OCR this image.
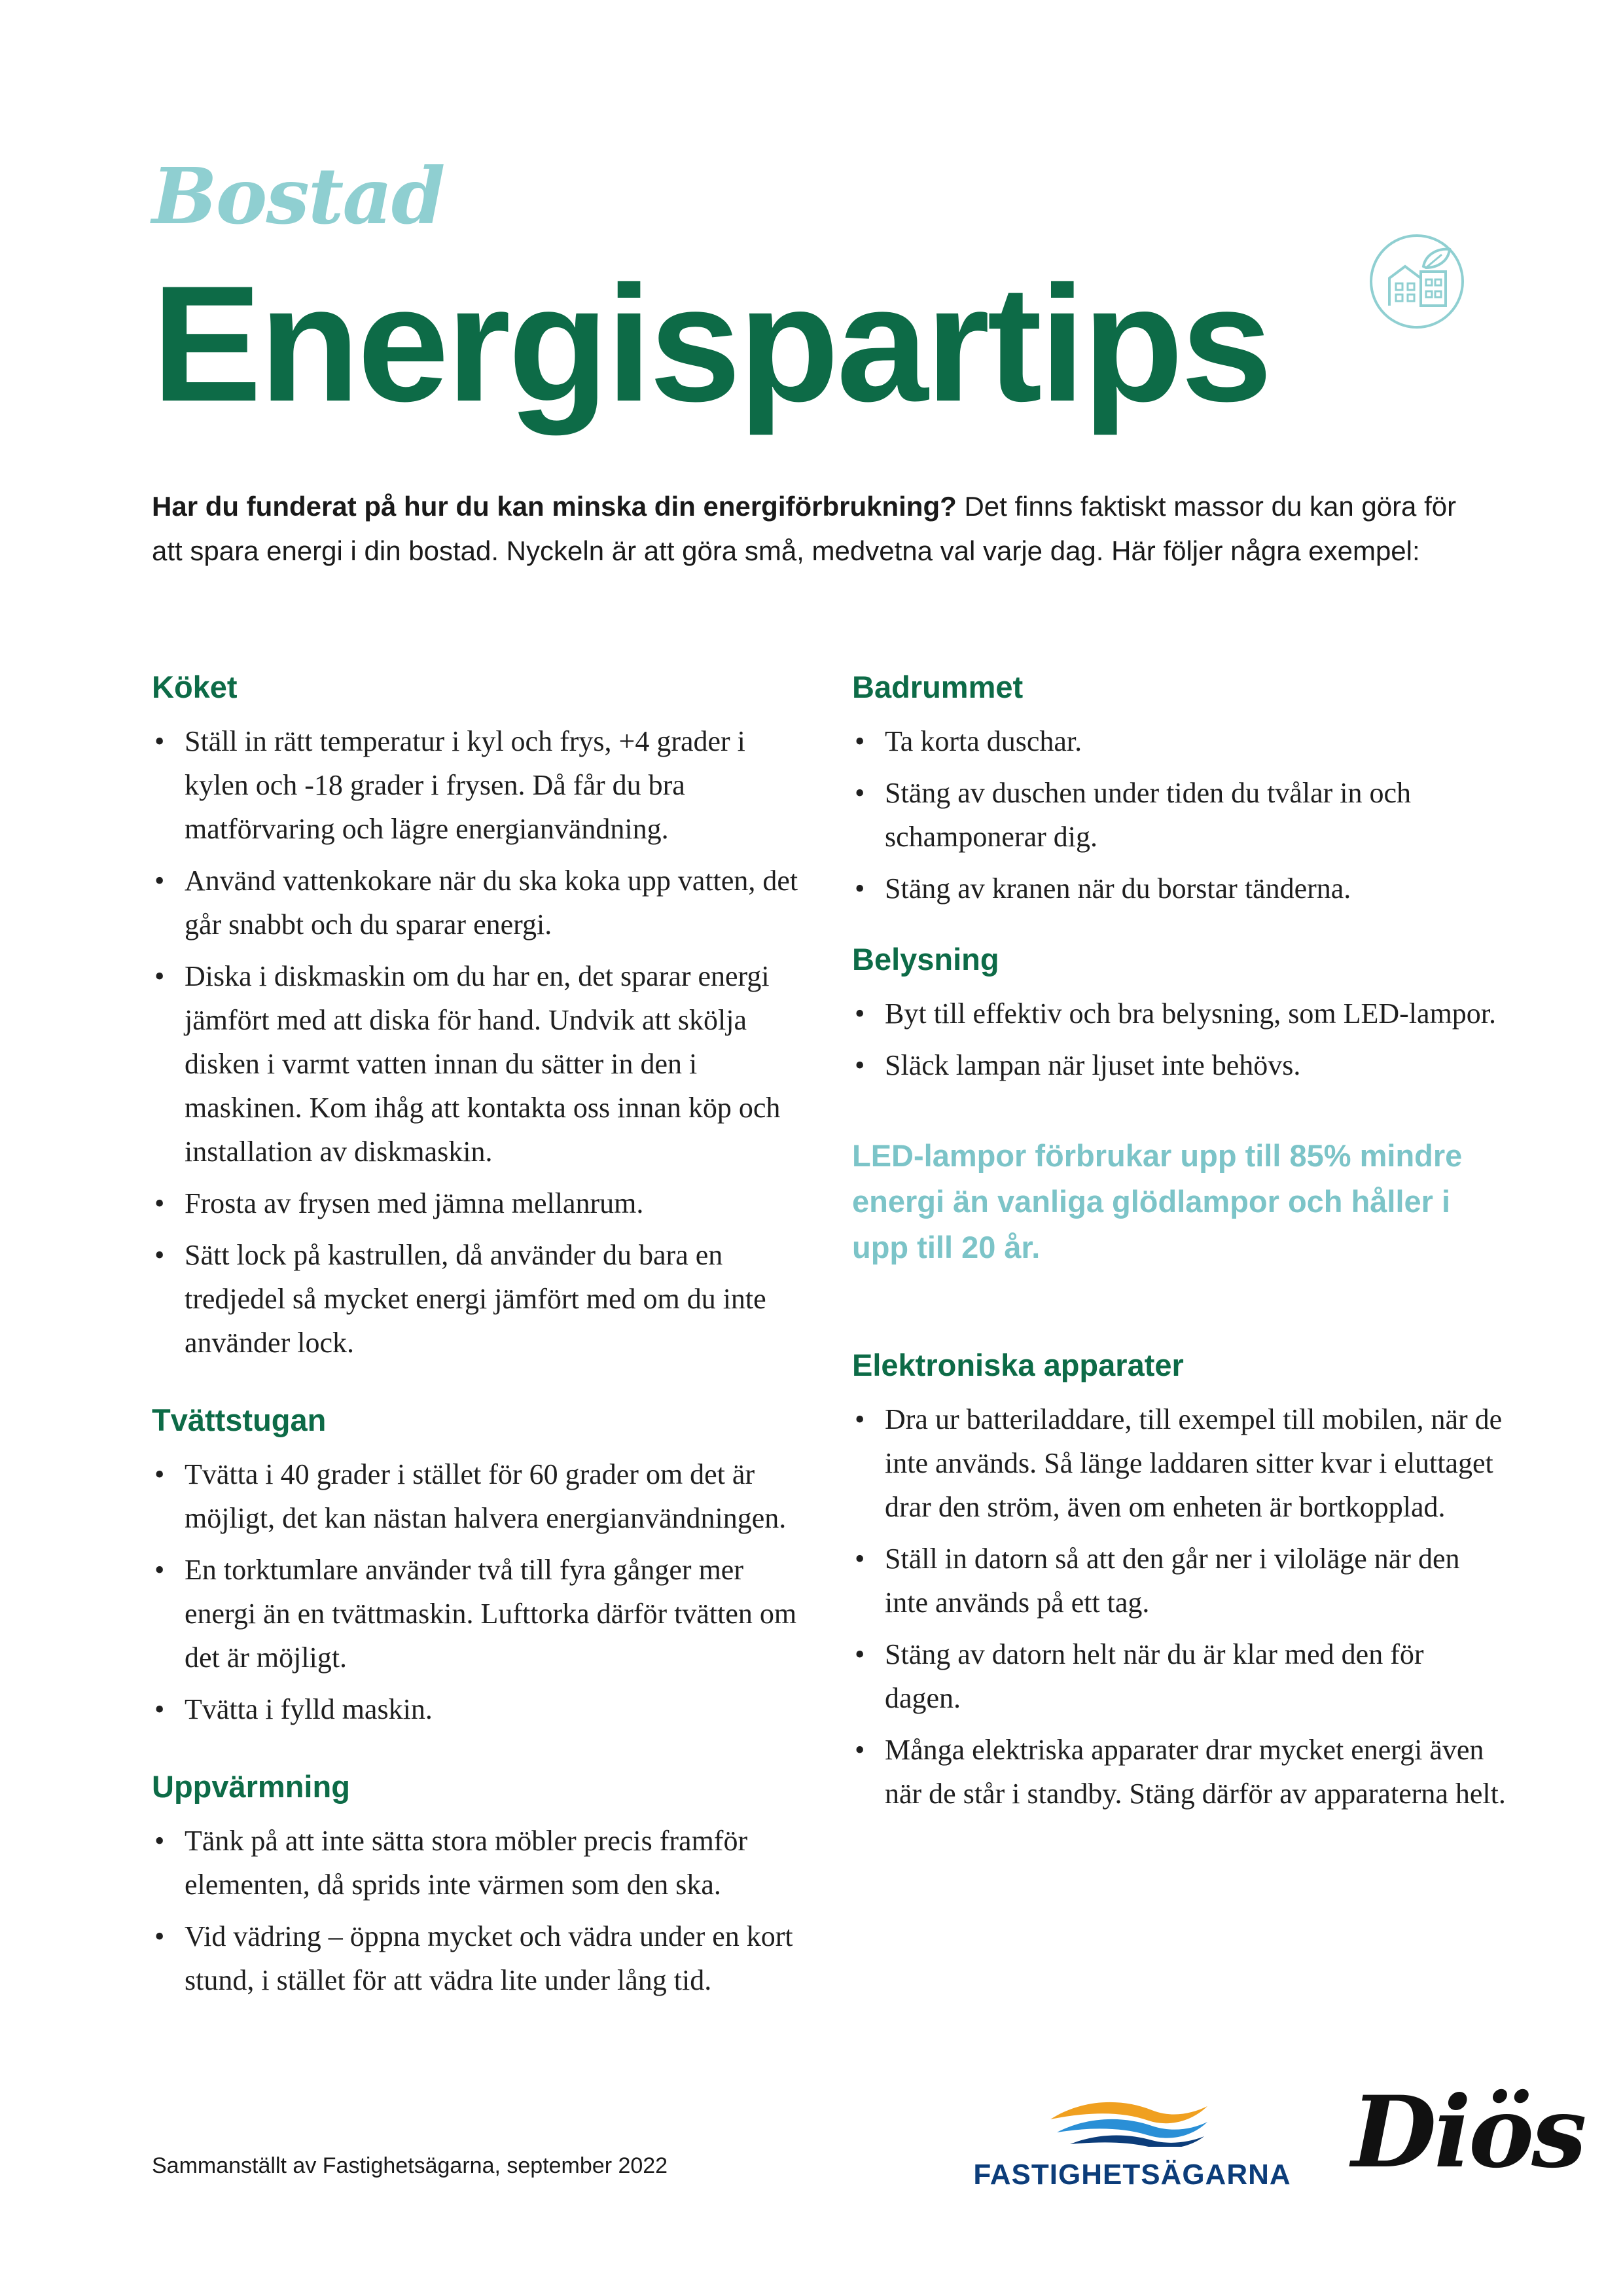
Bostad
Energispartips

Har du funderat på hur du kan minska din energiförbrukning? Det finns faktiskt massor du kan göra för att spara energi i din bostad. Nyckeln är att göra små, medvetna val varje dag. Här följer några exempel:

Köket
• Ställ in rätt temperatur i kyl och frys, +4 grader i kylen och -18 grader i frysen. Då får du bra matförvaring och lägre energianvändning.
• Använd vattenkokare när du ska koka upp vatten, det går snabbt och du sparar energi.
• Diska i diskmaskin om du har en, det sparar energi jämfört med att diska för hand. Undvik att skölja disken i varmt vatten innan du sätter in den i maskinen. Kom ihåg att kontakta oss innan köp och installation av diskmaskin.
• Frosta av frysen med jämna mellanrum.
• Sätt lock på kastrullen, då använder du bara en tredjedel så mycket energi jämfört med om du inte använder lock.
Tvättstugan
• Tvätta i 40 grader i stället för 60 grader om det är möjligt, det kan nästan halvera energianvändningen.
• En torktumlare använder två till fyra gånger mer energi än en tvättmaskin. Lufttorka därför tvätten om det är möjligt.
• Tvätta i fylld maskin.
Uppvärmning
• Tänk på att inte sätta stora möbler precis framför elementen, då sprids inte värmen som den ska.
• Vid vädring – öppna mycket och vädra under en kort stund, i stället för att vädra lite under lång tid.
Badrummet
• Ta korta duschar.
• Stäng av duschen under tiden du tvålar in och schamponerar dig.
• Stäng av kranen när du borstar tänderna.
Belysning
• Byt till effektiv och bra belysning, som LED-lampor.
• Släck lampan när ljuset inte behövs.

LED-lampor förbrukar upp till 85% mindre energi än vanliga glödlampor och håller i upp till 20 år.

Elektroniska apparater
• Dra ur batteriladdare, till exempel till mobilen, när de inte används. Så länge laddaren sitter kvar i eluttaget drar den ström, även om enheten är bortkopplad.
• Ställ in datorn så att den går ner i viloläge när den inte används på ett tag.
• Stäng av datorn helt när du är klar med den för dagen.
• Många elektriska apparater drar mycket energi även när de står i standby. Stäng därför av apparaterna helt.
Sammanställt av Fastighetsägarna, september 2022	FASTIGHETSÄGARNA Diös
